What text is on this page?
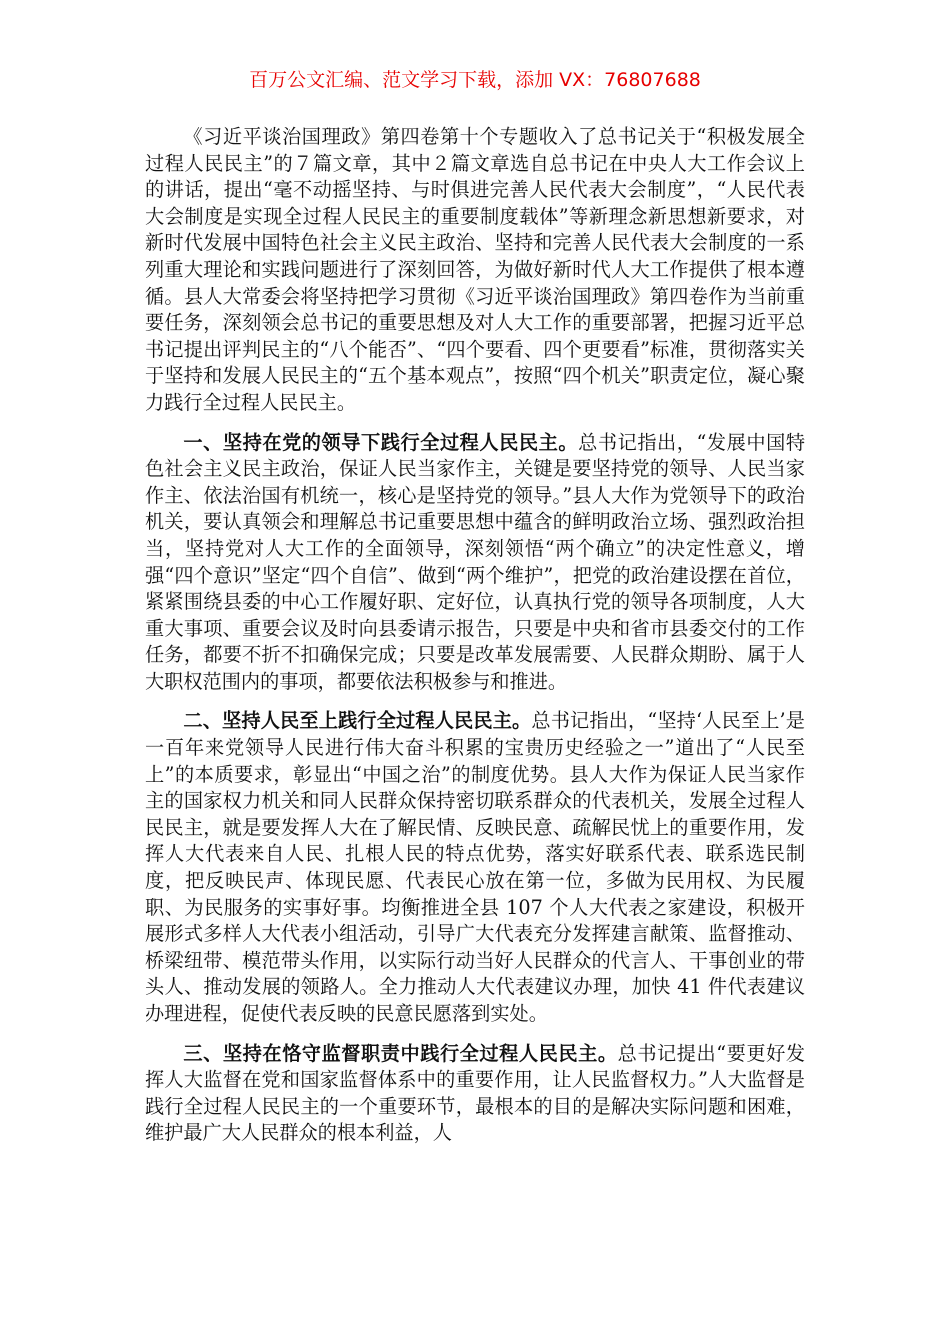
百万公文汇编、范文学习下载，添加 VX：76807688

《习近平谈治国理政》第四卷第十个专题收入了总书记关于“积极发展全过程人民民主”的７篇文章，其中２篇文章选自总书记在中央人大工作会议上的讲话，提出“毫不动摇坚持、与时俱进完善人民代表大会制度”，“人民代表大会制度是实现全过程人民民主的重要制度载体”等新理念新思想新要求，对新时代发展中国特色社会主义民主政治、坚持和完善人民代表大会制度的一系列重大理论和实践问题进行了深刻回答，为做好新时代人大工作提供了根本遵循。县人大常委会将坚持把学习贯彻《习近平谈治国理政》第四卷作为当前重要任务，深刻领会总书记的重要思想及对人大工作的重要部署，把握习近平总书记提出评判民主的“八个能否”、“四个要看、四个更要看”标准，贯彻落实关于坚持和发展人民民主的“五个基本观点”，按照“四个机关”职责定位，凝心聚力践行全过程人民民主。

一、坚持在党的领导下践行全过程人民民主。总书记指出，“发展中国特色社会主义民主政治，保证人民当家作主，关键是要坚持党的领导、人民当家作主、依法治国有机统一，核心是坚持党的领导。”县人大作为党领导下的政治机关，要认真领会和理解总书记重要思想中蕴含的鲜明政治立场、强烈政治担当，坚持党对人大工作的全面领导，深刻领悟“两个确立”的决定性意义，增强“四个意识”坚定“四个自信”、做到“两个维护”，把党的政治建设摆在首位，紧紧围绕县委的中心工作履好职、定好位，认真执行党的领导各项制度，人大重大事项、重要会议及时向县委请示报告，只要是中央和省市县委交付的工作任务，都要不折不扣确保完成；只要是改革发展需要、人民群众期盼、属于人大职权范围内的事项，都要依法积极参与和推进。

二、坚持人民至上践行全过程人民民主。总书记指出，“坚持‘人民至上’是一百年来党领导人民进行伟大奋斗积累的宝贵历史经验之一”道出了“人民至上”的本质要求，彰显出“中国之治”的制度优势。县人大作为保证人民当家作主的国家权力机关和同人民群众保持密切联系群众的代表机关，发展全过程人民民主，就是要发挥人大在了解民情、反映民意、疏解民忧上的重要作用，发挥人大代表来自人民、扎根人民的特点优势，落实好联系代表、联系选民制度，把反映民声、体现民愿、代表民心放在第一位，多做为民用权、为民履职、为民服务的实事好事。均衡推进全县 107 个人大代表之家建设，积极开展形式多样人大代表小组活动，引导广大代表充分发挥建言献策、监督推动、桥梁纽带、模范带头作用，以实际行动当好人民群众的代言人、干事创业的带头人、推动发展的领路人。全力推动人大代表建议办理，加快 41 件代表建议办理进程，促使代表反映的民意民愿落到实处。

三、坚持在恪守监督职责中践行全过程人民民主。总书记提出“要更好发挥人大监督在党和国家监督体系中的重要作用，让人民监督权力。”人大监督是践行全过程人民民主的一个重要环节，最根本的目的是解决实际问题和困难，维护最广大人民群众的根本利益，人
